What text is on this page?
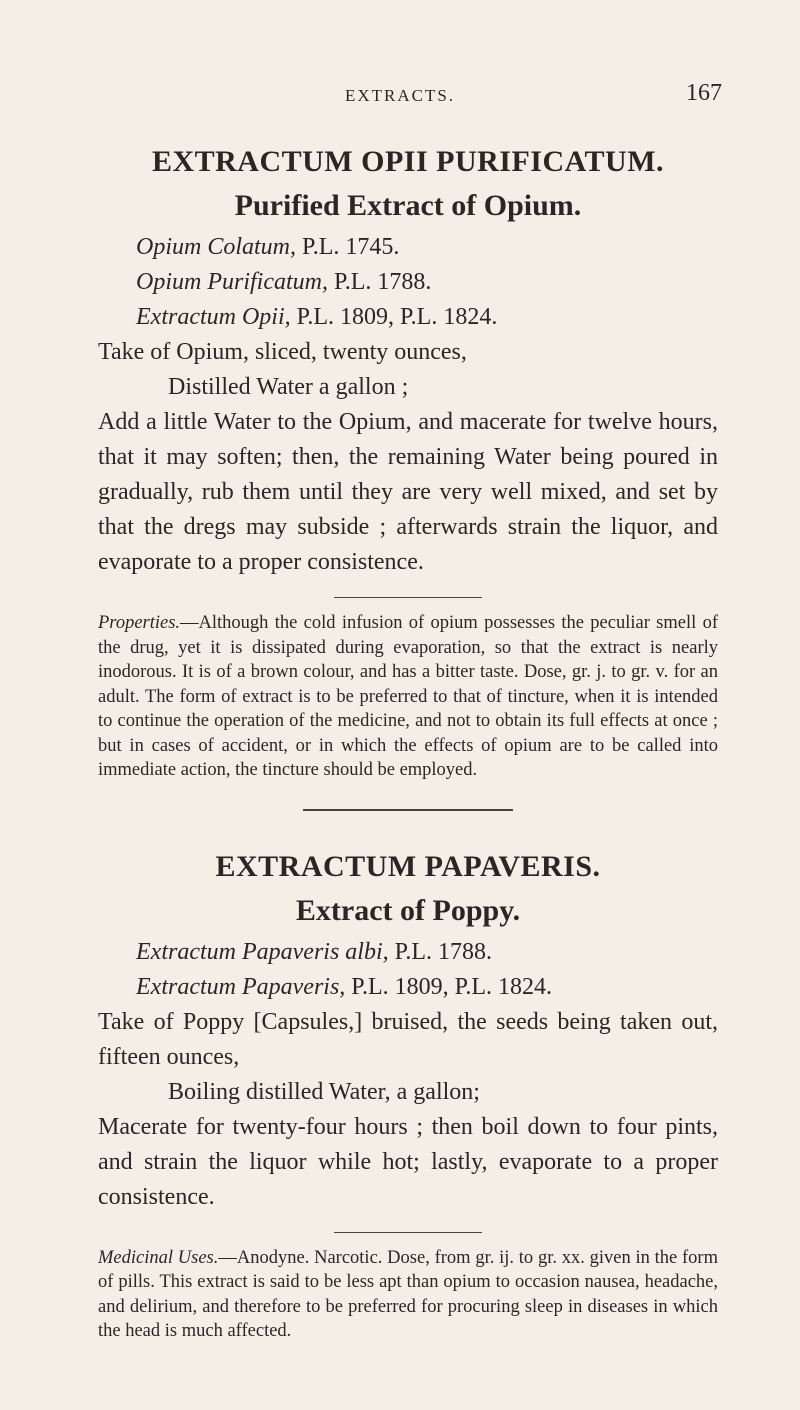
EXTRACTS.	167
EXTRACTUM OPII PURIFICATUM.
Purified Extract of Opium.
Opium Colatum, P.L. 1745.
Opium Purificatum, P.L. 1788.
Extractum Opii, P.L. 1809, P.L. 1824.

Take of Opium, sliced, twenty ounces,

Distilled Water a gallon ;

Add a little Water to the Opium, and macerate for twelve hours, that it may soften; then, the remaining Water being poured in gradually, rub them until they are very well mixed, and set by that the dregs may subside ; afterwards strain the liquor, and evaporate to a proper consistence.

Properties.—Although the cold infusion of opium possesses the peculiar smell of the drug, yet it is dissipated during evaporation, so that the extract is nearly inodorous. It is of a brown colour, and has a bitter taste. Dose, gr. j. to gr. v. for an adult. The form of extract is to be preferred to that of tincture, when it is intended to continue the operation of the medicine, and not to obtain its full effects at once ; but in cases of accident, or in which the effects of opium are to be called into immediate action, the tincture should be employed.

EXTRACTUM PAPAVERIS.
Extract of Poppy.
Extractum Papaveris albi, P.L. 1788.
Extractum Papaveris, P.L. 1809, P.L. 1824.

Take of Poppy [Capsules,] bruised, the seeds being taken out, fifteen ounces,

Boiling distilled Water, a gallon;

Macerate for twenty-four hours ; then boil down to four pints, and strain the liquor while hot; lastly, evaporate to a proper consistence.

Medicinal Uses.—Anodyne. Narcotic. Dose, from gr. ij. to gr. xx. given in the form of pills. This extract is said to be less apt than opium to occasion nausea, headache, and delirium, and therefore to be preferred for procuring sleep in diseases in which the head is much affected.
